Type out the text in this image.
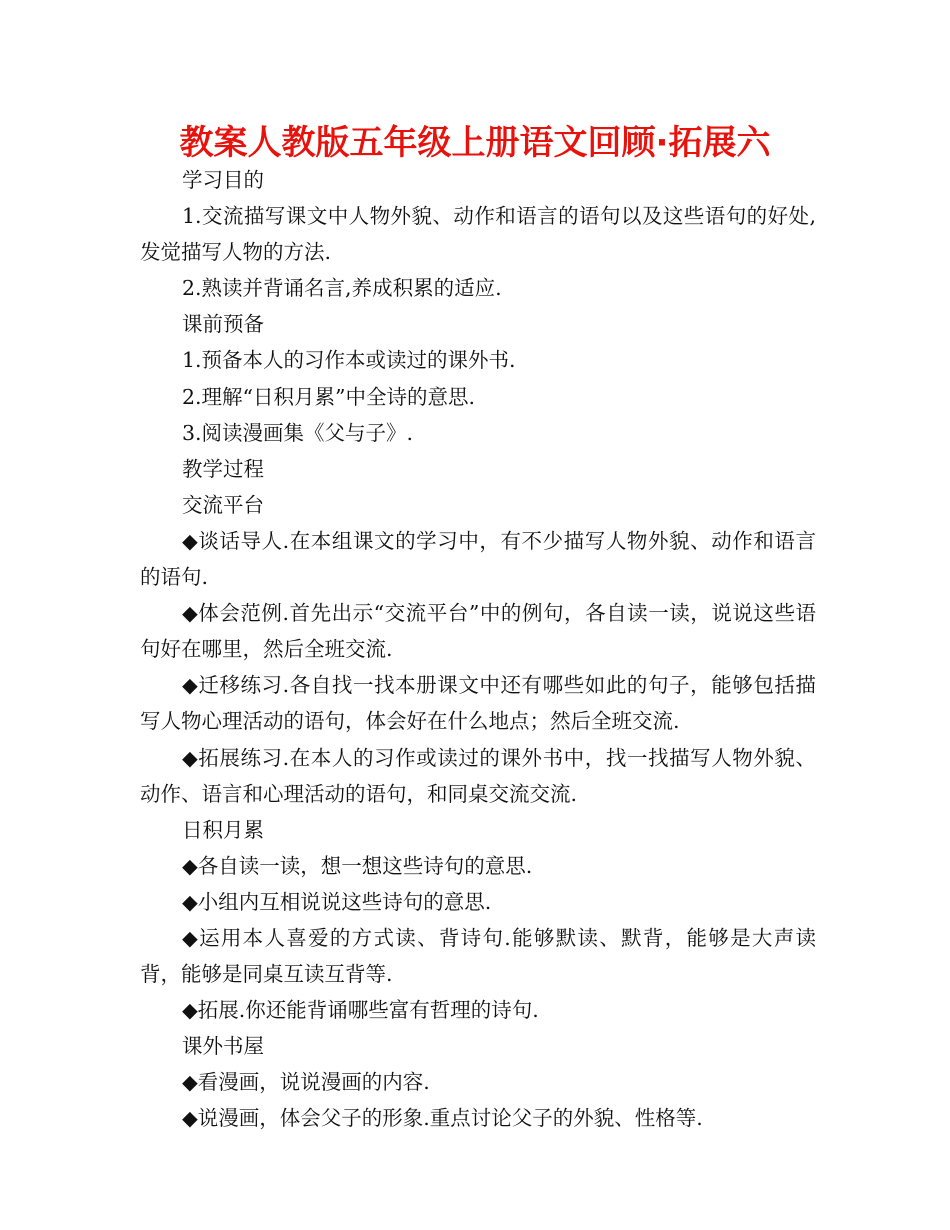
教案人教版五年级上册语文回顾·拓展六

学习目的

1.交流描写课文中人物外貌、动作和语言的语句以及这些语句的好处,发觉描写人物的方法.

2.熟读并背诵名言,养成积累的适应.

课前预备

1.预备本人的习作本或读过的课外书.

2.理解“日积月累”中全诗的意思.

3.阅读漫画集《父与子》.

教学过程

交流平台

◆谈话导人.在本组课文的学习中，有不少描写人物外貌、动作和语言的语句.

◆体会范例.首先出示“交流平台”中的例句，各自读一读，说说这些语句好在哪里，然后全班交流.

◆迁移练习.各自找一找本册课文中还有哪些如此的句子，能够包括描写人物心理活动的语句，体会好在什么地点；然后全班交流.

◆拓展练习.在本人的习作或读过的课外书中，找一找描写人物外貌、动作、语言和心理活动的语句，和同桌交流交流.

日积月累

◆各自读一读，想一想这些诗句的意思.

◆小组内互相说说这些诗句的意思.

◆运用本人喜爱的方式读、背诗句.能够默读、默背，能够是大声读背，能够是同桌互读互背等.

◆拓展.你还能背诵哪些富有哲理的诗句.

课外书屋

◆看漫画，说说漫画的内容.

◆说漫画，体会父子的形象.重点讨论父子的外貌、性格等.
